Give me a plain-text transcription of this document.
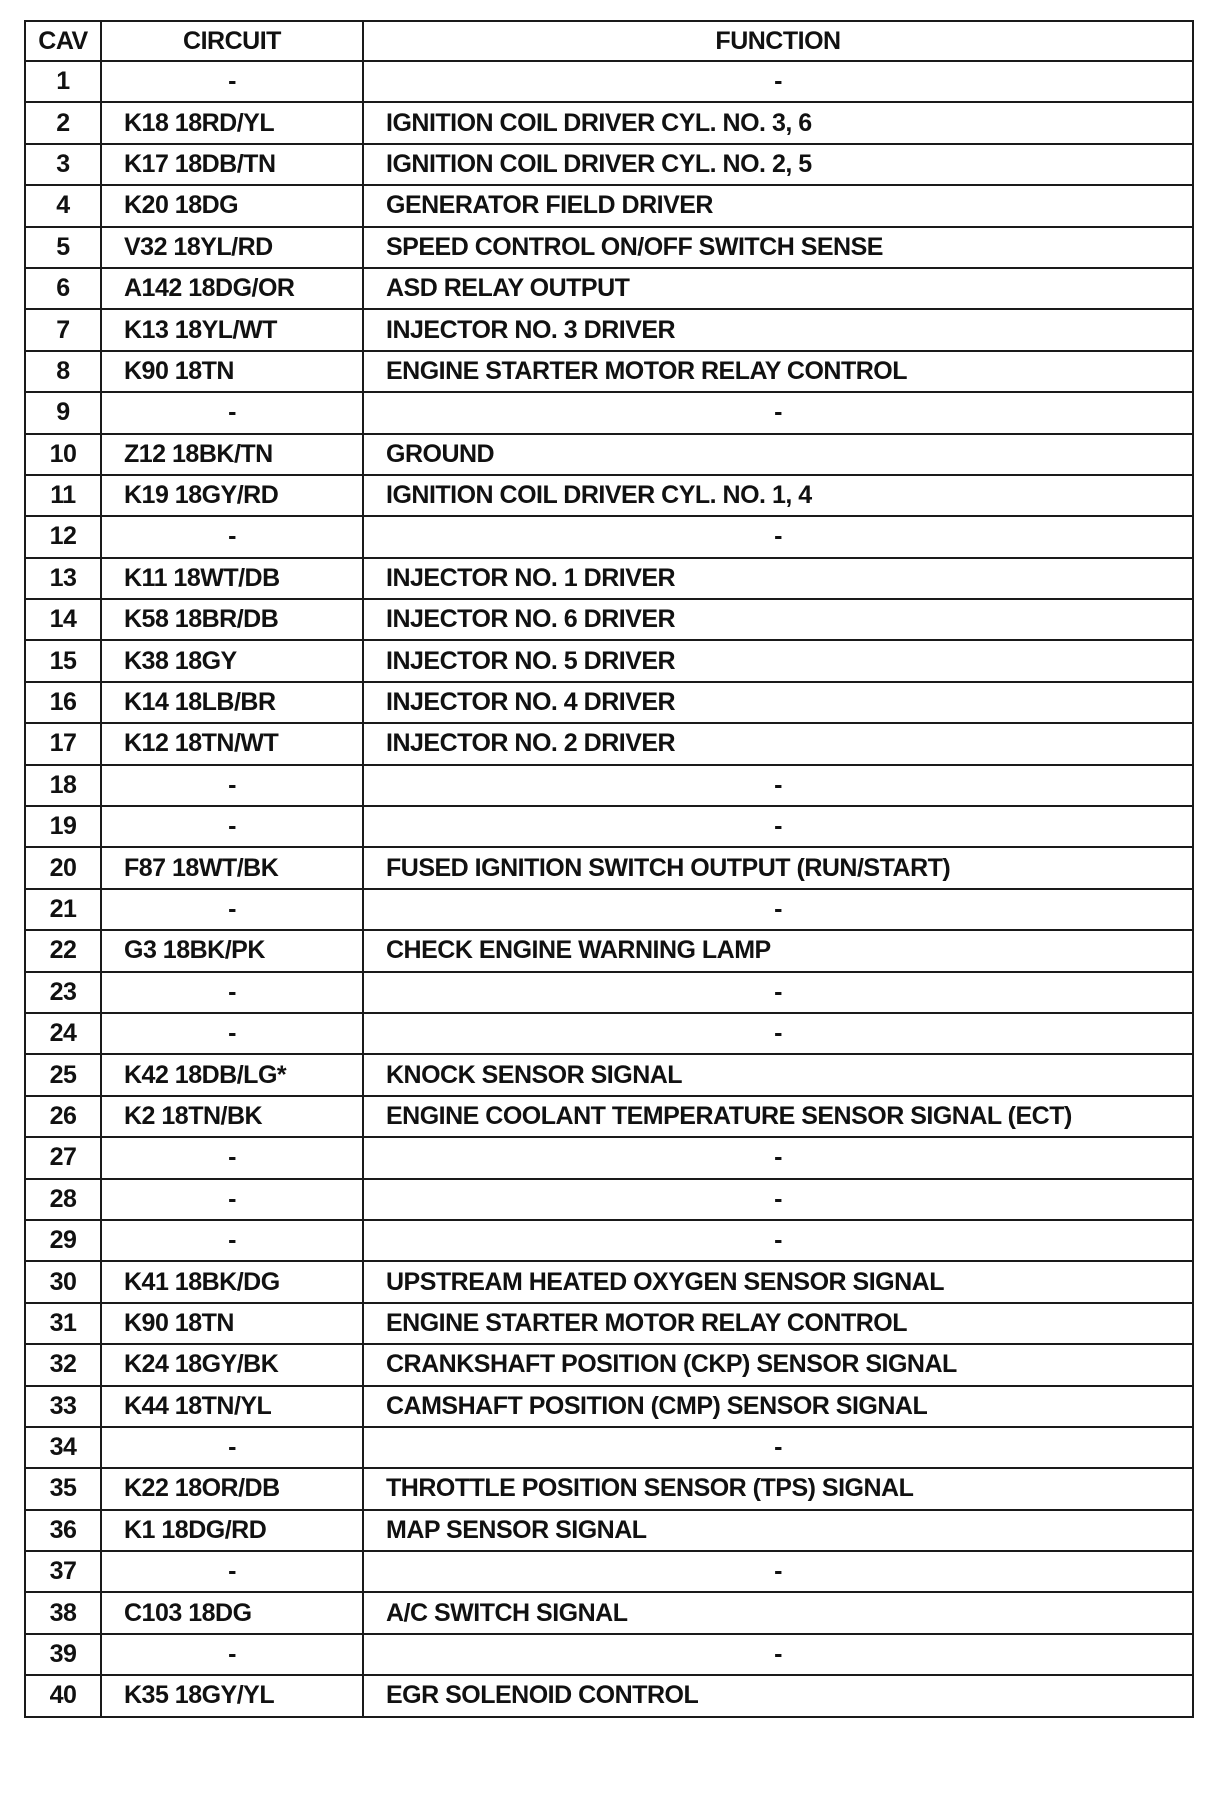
CAV	CIRCUIT	FUNCTION
1	-	-
2	K18 18RD/YL	IGNITION COIL DRIVER CYL. NO. 3, 6
3	K17 18DB/TN	IGNITION COIL DRIVER CYL. NO. 2, 5
4	K20 18DG	GENERATOR FIELD DRIVER
5	V32 18YL/RD	SPEED CONTROL ON/OFF SWITCH SENSE
6	A142 18DG/OR	ASD RELAY OUTPUT
7	K13 18YL/WT	INJECTOR NO. 3 DRIVER
8	K90 18TN	ENGINE STARTER MOTOR RELAY CONTROL
9	-	-
10	Z12 18BK/TN	GROUND
11	K19 18GY/RD	IGNITION COIL DRIVER CYL. NO. 1, 4
12	-	-
13	K11 18WT/DB	INJECTOR NO. 1 DRIVER
14	K58 18BR/DB	INJECTOR NO. 6 DRIVER
15	K38 18GY	INJECTOR NO. 5 DRIVER
16	K14 18LB/BR	INJECTOR NO. 4 DRIVER
17	K12 18TN/WT	INJECTOR NO. 2 DRIVER
18	-	-
19	-	-
20	F87 18WT/BK	FUSED IGNITION SWITCH OUTPUT (RUN/START)
21	-	-
22	G3 18BK/PK	CHECK ENGINE WARNING LAMP
23	-	-
24	-	-
25	K42 18DB/LG*	KNOCK SENSOR SIGNAL
26	K2 18TN/BK	ENGINE COOLANT TEMPERATURE SENSOR SIGNAL (ECT)
27	-	-
28	-	-
29	-	-
30	K41 18BK/DG	UPSTREAM HEATED OXYGEN SENSOR SIGNAL
31	K90 18TN	ENGINE STARTER MOTOR RELAY CONTROL
32	K24 18GY/BK	CRANKSHAFT POSITION (CKP) SENSOR SIGNAL
33	K44 18TN/YL	CAMSHAFT POSITION (CMP) SENSOR SIGNAL
34	-	-
35	K22 18OR/DB	THROTTLE POSITION SENSOR (TPS) SIGNAL
36	K1 18DG/RD	MAP SENSOR SIGNAL
37	-	-
38	C103 18DG	A/C SWITCH SIGNAL
39	-	-
40	K35 18GY/YL	EGR SOLENOID CONTROL
